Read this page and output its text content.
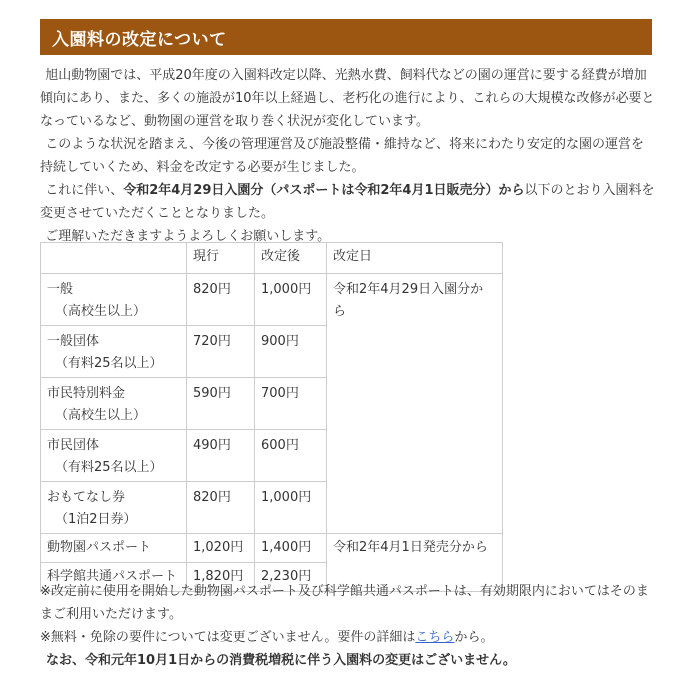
入園料の改定について

旭山動物園では、平成20年度の入園料改定以降、光熱水費、飼料代などの園の運営に要する経費が増加傾向にあり、また、多くの施設が10年以上経過し、老朽化の進行により、これらの大規模な改修が必要となっているなど、動物園の運営を取り巻く状況が変化しています。

このような状況を踏まえ、今後の管理運営及び施設整備・維持など、将来にわたり安定的な園の運営を持続していくため、料金を改定する必要が生じました。

これに伴い、令和2年4月29日入園分（パスポートは令和2年4月1日販売分）から以下のとおり入園料を変更させていただくこととなりました。

ご理解いただきますようよろしくお願いします。

	現行	改定後	改定日
一般
（高校生以上）	820円	1,000円	令和2年4月29日入園分から
一般団体
（有料25名以上）	720円	900円	
市民特別料金
（高校生以上）	590円	700円	
市民団体
（有料25名以上）	490円	600円	
おもてなし券
（1泊2日券）	820円	1,000円	
動物園パスポート	1,020円	1,400円	令和2年4月1日発売分から
科学館共通パスポート	1,820円	2,230円	

※改定前に使用を開始した動物園パスポート及び科学館共通パスポートは、有効期限内においてはそのままご利用いただけます。

※無料・免除の要件については変更ございません。要件の詳細はこちらから。

なお、令和元年10月1日からの消費税増税に伴う入園料の変更はございません。
